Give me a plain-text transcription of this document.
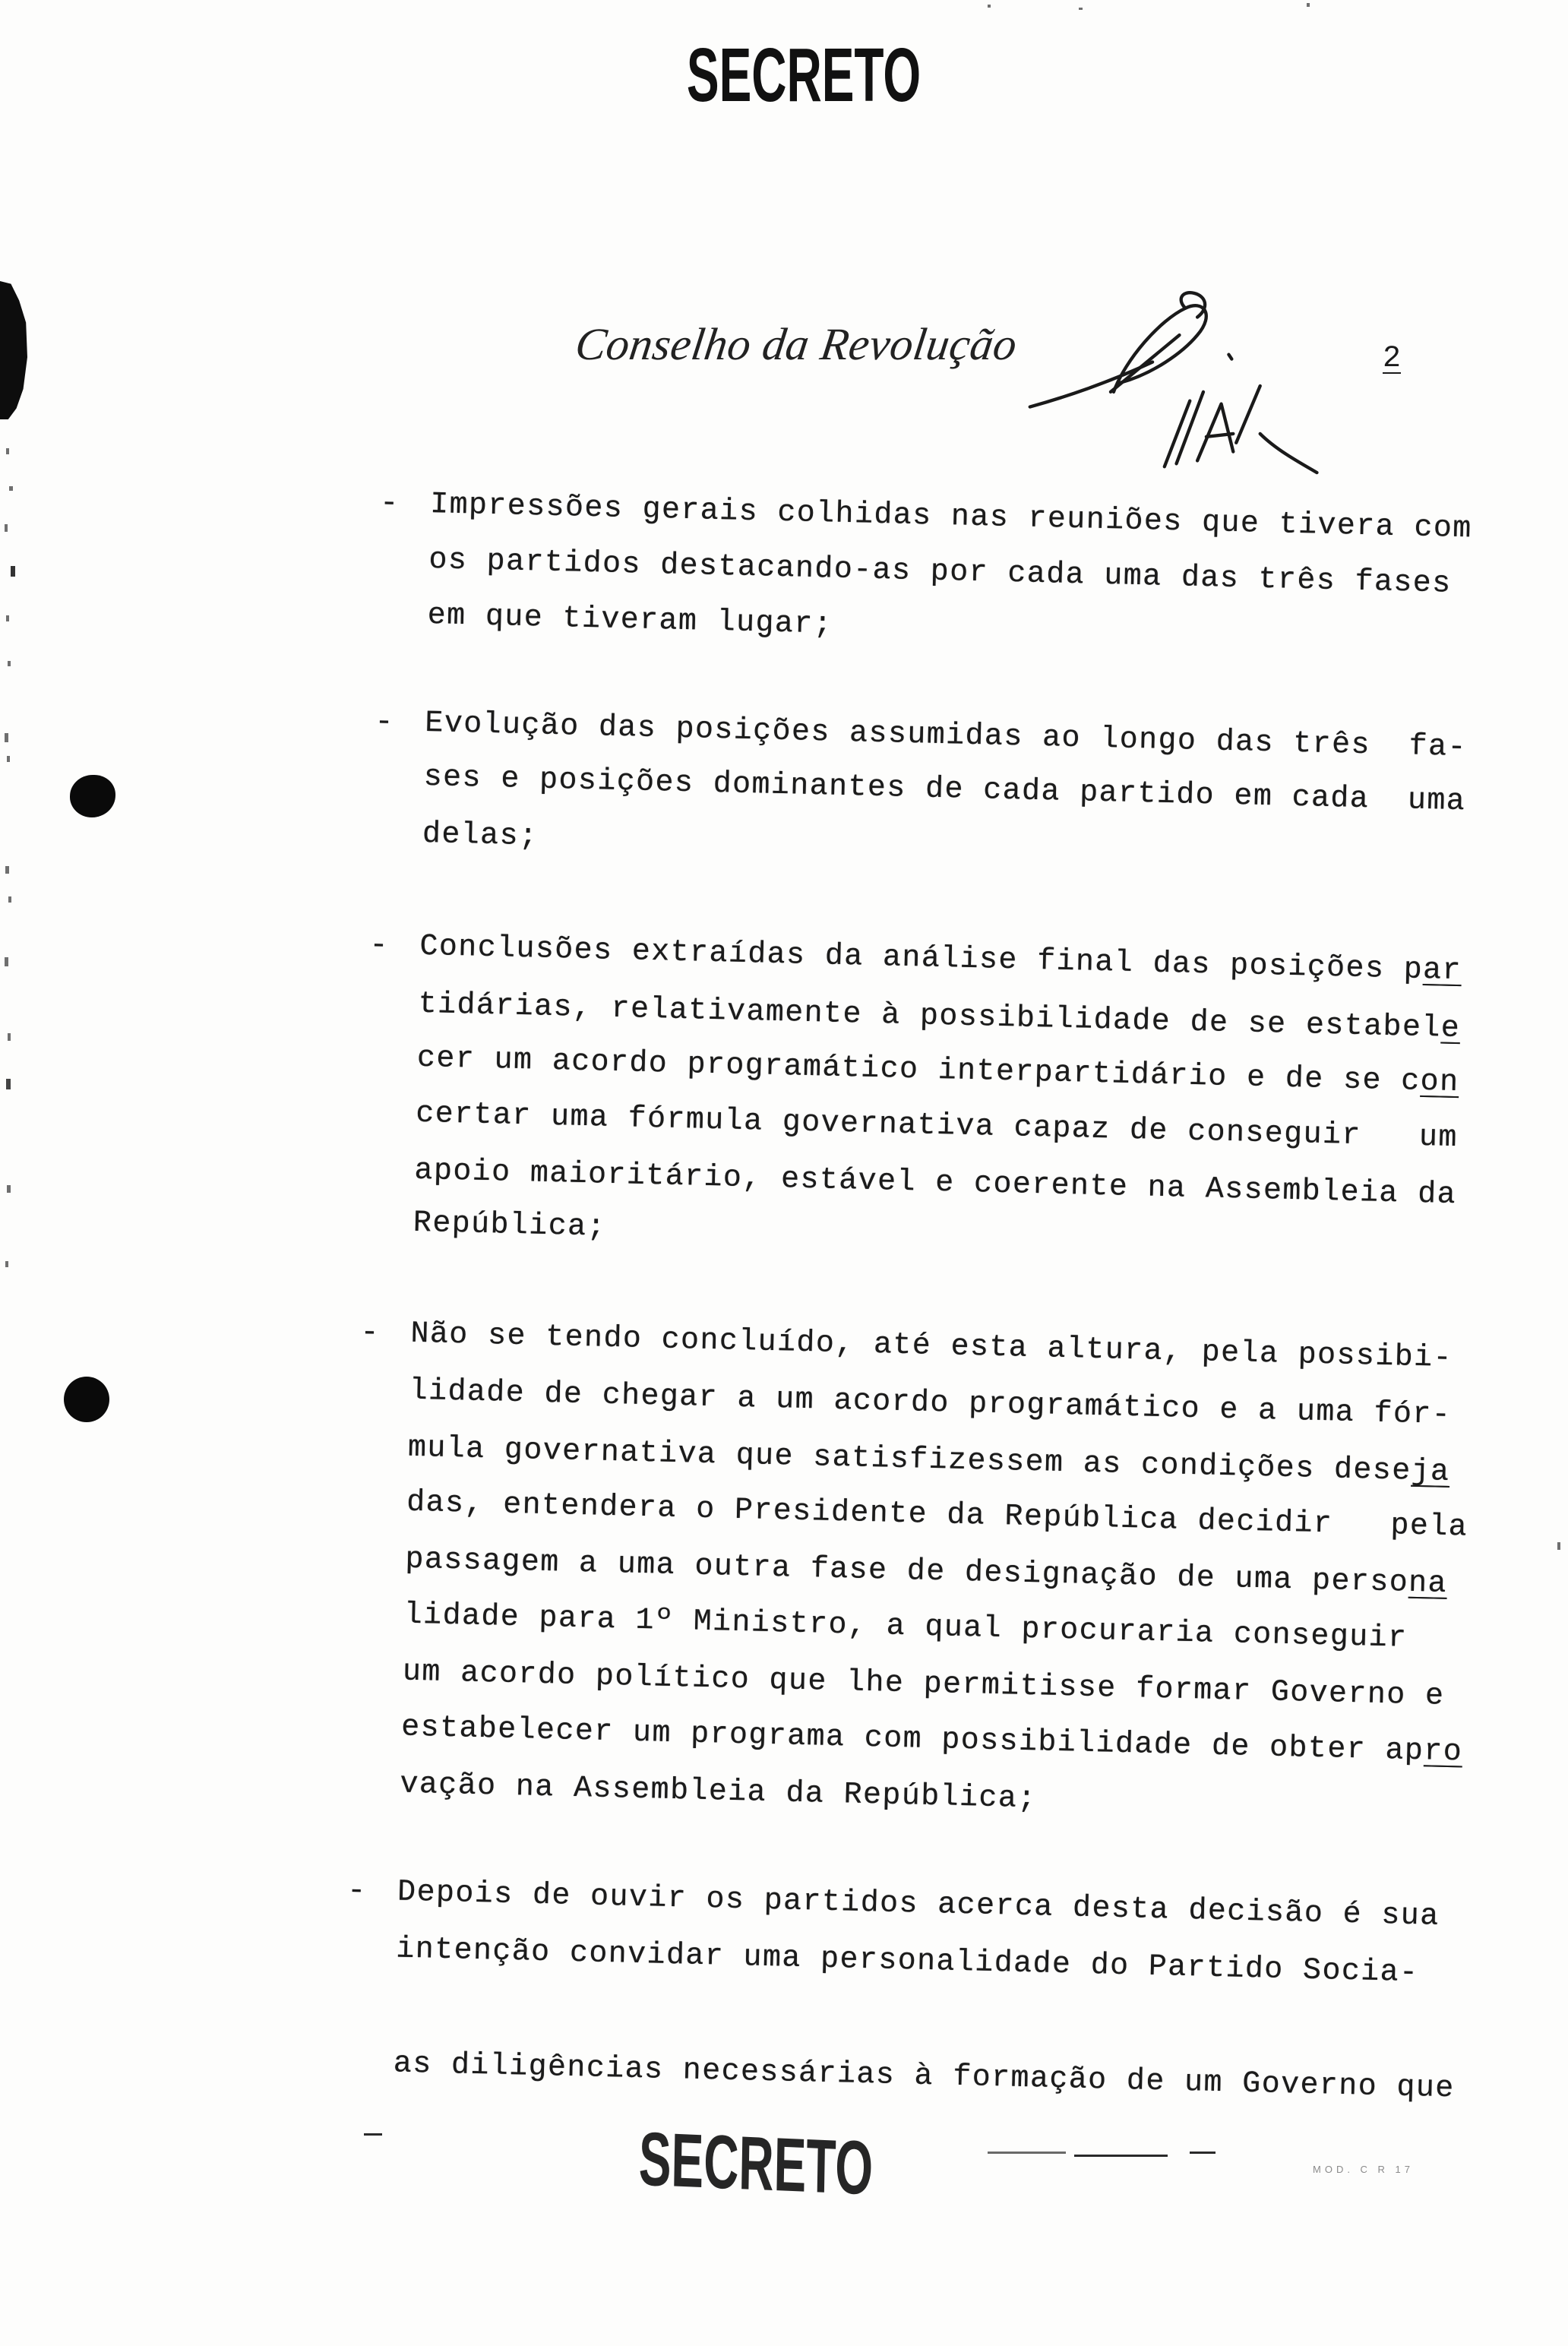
SECRETO
Conselho da Revolução	2
- Impressões gerais colhidas nas reuniões que tivera com
os partidos destacando-as por cada uma das três fases
em que tiveram lugar;
- Evolução das posições assumidas ao longo das três  fa-
ses e posições dominantes de cada partido em cada  uma
delas;
- Conclusões extraídas da análise final das posições par
tidárias, relativamente à possibilidade de se estabele
cer um acordo programático interpartidário e de se con
certar uma fórmula governativa capaz de conseguir   um
apoio maioritário, estável e coerente na Assembleia da
República;
- Não se tendo concluído, até esta altura, pela possibi-
lidade de chegar a um acordo programático e a uma fór-
mula governativa que satisfizessem as condições deseja
das, entendera o Presidente da República decidir   pela
passagem a uma outra fase de designação de uma persona
lidade para 1º Ministro, a qual procuraria conseguir
um acordo político que lhe permitisse formar Governo e
estabelecer um programa com possibilidade de obter apro
vação na Assembleia da República;
- Depois de ouvir os partidos acerca desta decisão é sua
intenção convidar uma personalidade do Partido Socia-
as diligências necessárias à formação de um Governo que
SECRETO	MOD. C R 17
